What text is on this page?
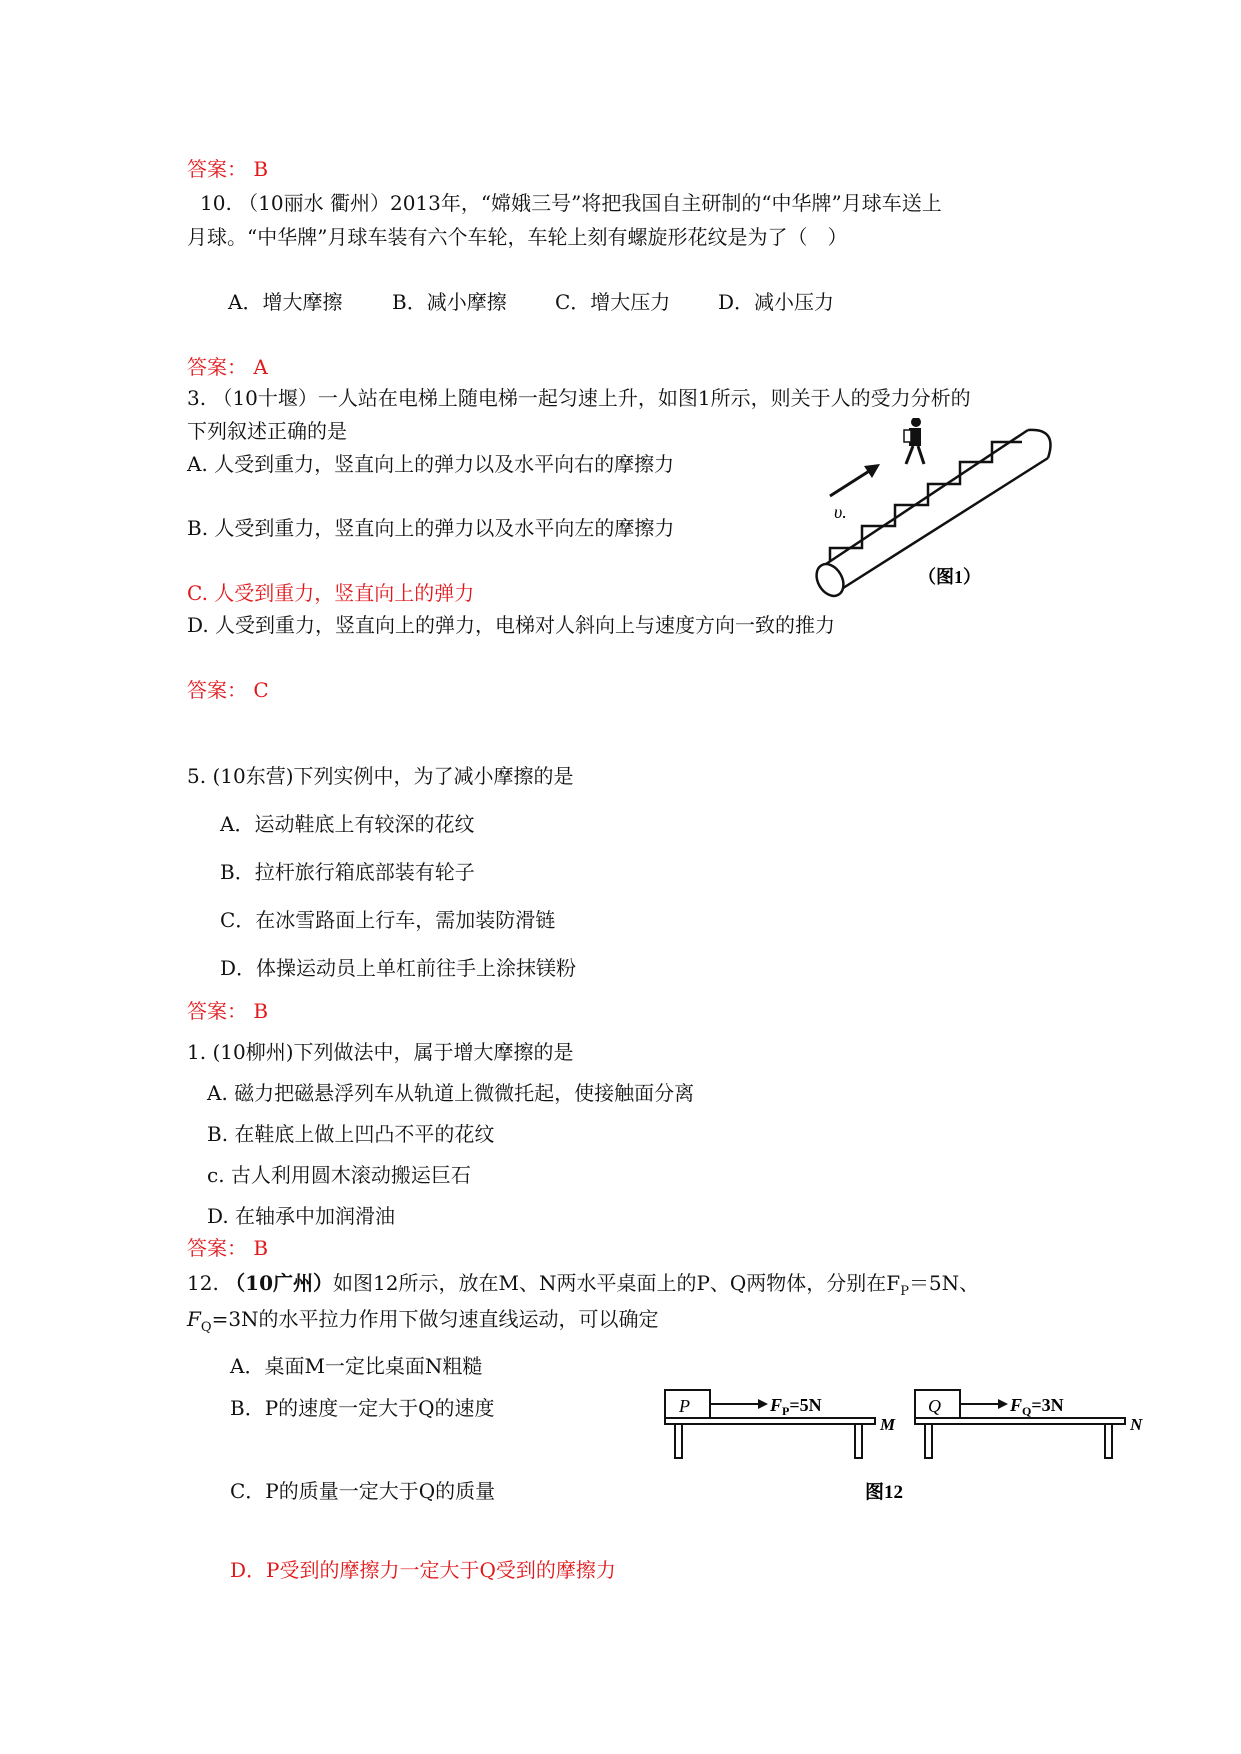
答案： B
10. （10丽水 衢州）2013年，“嫦娥三号”将把我国自主研制的“中华牌”月球车送上
月球。“中华牌”月球车装有六个车轮，车轮上刻有螺旋形花纹是为了（　）
A．增大摩擦 B．减小摩擦 C．增大压力 D．减小压力
答案： A
3. （10十堰）一人站在电梯上随电梯一起匀速上升，如图1所示，则关于人的受力分析的
下列叙述正确的是
A. 人受到重力，竖直向上的弹力以及水平向右的摩擦力
B. 人受到重力，竖直向上的弹力以及水平向左的摩擦力
C. 人受到重力，竖直向上的弹力
D. 人受到重力，竖直向上的弹力，电梯对人斜向上与速度方向一致的推力
答案： C
υ.
（图1）
5. (10东营)下列实例中，为了减小摩擦的是
A．运动鞋底上有较深的花纹
B．拉杆旅行箱底部装有轮子
C．在冰雪路面上行车，需加装防滑链
D．体操运动员上单杠前往手上涂抹镁粉
答案： B
1. (10柳州)下列做法中，属于增大摩擦的是
A. 磁力把磁悬浮列车从轨道上微微托起，使接触面分离
B. 在鞋底上做上凹凸不平的花纹
c. 古人利用圆木滚动搬运巨石
D. 在轴承中加润滑油
答案： B
12. （10广州）如图12所示，放在M、N两水平桌面上的P、Q两物体，分别在$F_P=5N$、
$F_Q=3N$的水平拉力作用下做匀速直线运动，可以确定
A．桌面M一定比桌面N粗糙
B．P的速度一定大于Q的速度
C．P的质量一定大于Q的质量
D．P受到的摩擦力一定大于Q受到的摩擦力
P	$F_P=5N$
M
Q	$F_Q=3N$
N
图12
